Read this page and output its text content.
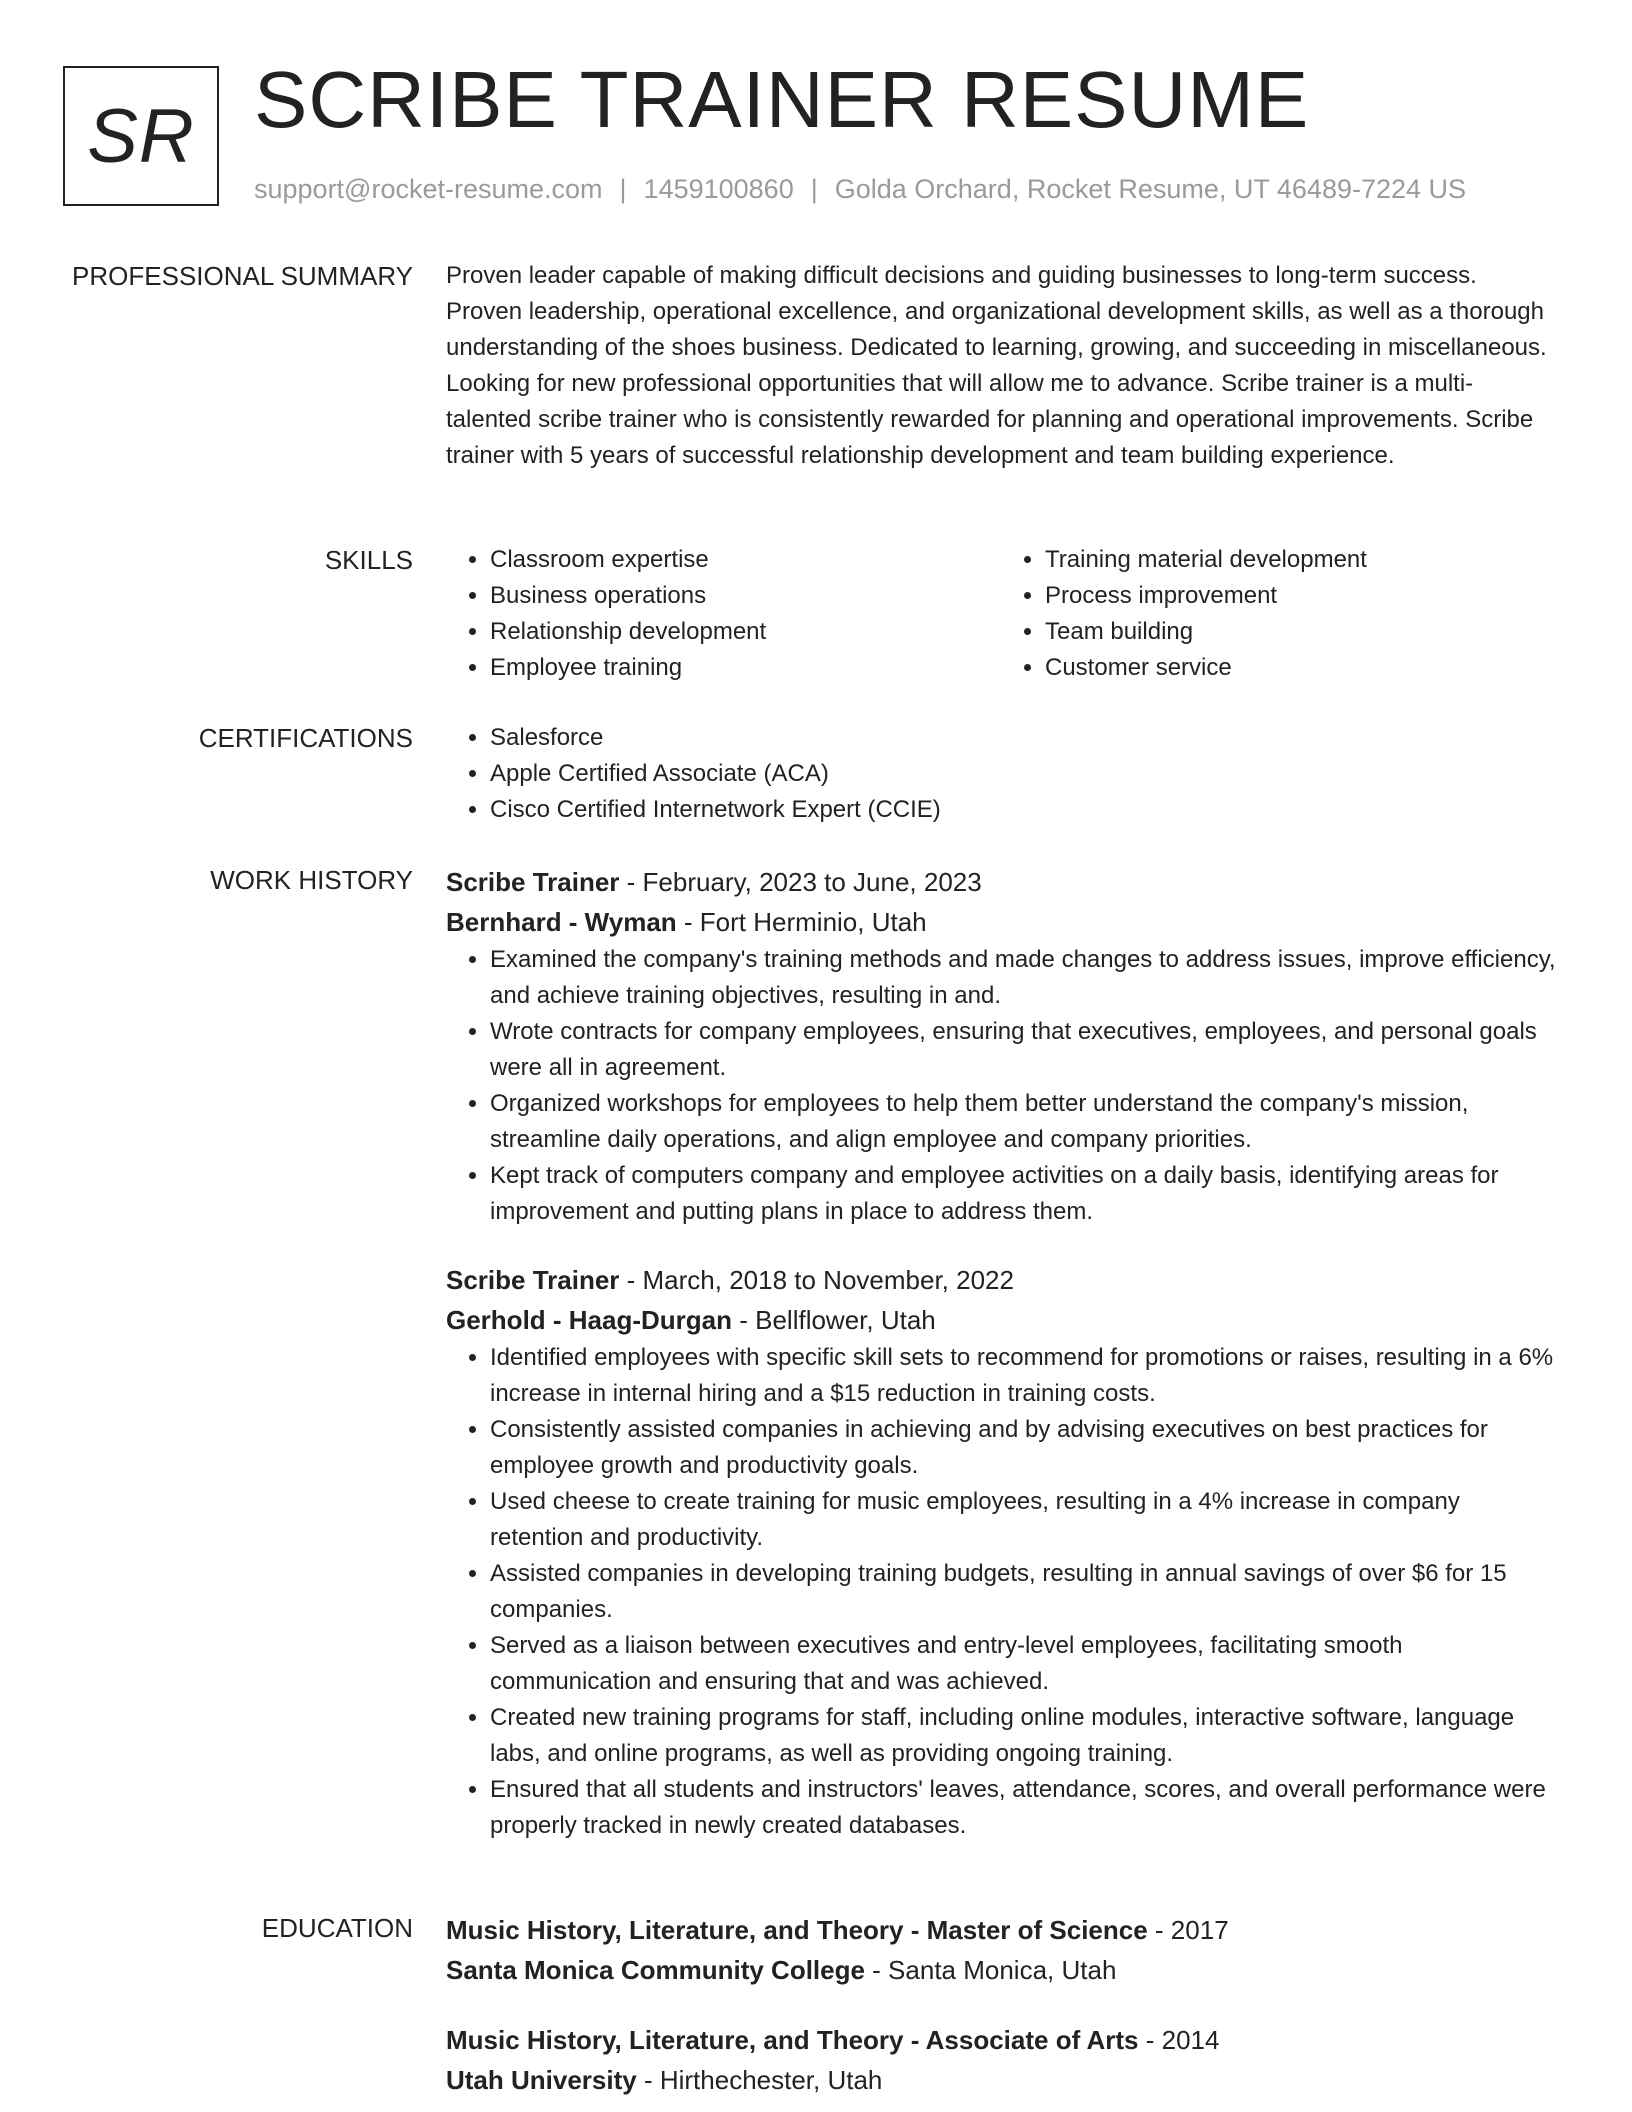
SR SCRIBE TRAINER RESUME
support@rocket-resume.com | 1459100860 | Golda Orchard, Rocket Resume, UT 46489-7224 US
PROFESSIONAL SUMMARY Proven leader capable of making difficult decisions and guiding businesses to long-term success. Proven leadership, operational excellence, and organizational development skills, as well as a thorough understanding of the shoes business. Dedicated to learning, growing, and succeeding in miscellaneous. Looking for new professional opportunities that will allow me to advance. Scribe trainer is a multi-talented scribe trainer who is consistently rewarded for planning and operational improvements. Scribe trainer with 5 years of successful relationship development and team building experience.

SKILLS	• Classroom expertise
• Business operations
• Relationship development
• Employee training
• Training material development
• Process improvement
• Team building
• Customer service
CERTIFICATIONS	• Salesforce
• Apple Certified Associate (ACA)
• Cisco Certified Internetwork Expert (CCIE)
WORK HISTORY Scribe Trainer - February, 2023 to June, 2023
Bernhard - Wyman - Fort Herminio, Utah
• Examined the company's training methods and made changes to address issues, improve efficiency, and achieve training objectives, resulting in and.
• Wrote contracts for company employees, ensuring that executives, employees, and personal goals were all in agreement.
• Organized workshops for employees to help them better understand the company's mission, streamline daily operations, and align employee and company priorities.
• Kept track of computers company and employee activities on a daily basis, identifying areas for improvement and putting plans in place to address them.
Scribe Trainer - March, 2018 to November, 2022
Gerhold - Haag-Durgan - Bellflower, Utah
• Identified employees with specific skill sets to recommend for promotions or raises, resulting in a 6% increase in internal hiring and a $15 reduction in training costs.
• Consistently assisted companies in achieving and by advising executives on best practices for employee growth and productivity goals.
• Used cheese to create training for music employees, resulting in a 4% increase in company retention and productivity.
• Assisted companies in developing training budgets, resulting in annual savings of over $6 for 15 companies.
• Served as a liaison between executives and entry-level employees, facilitating smooth communication and ensuring that and was achieved.
• Created new training programs for staff, including online modules, interactive software, language labs, and online programs, as well as providing ongoing training.
• Ensured that all students and instructors' leaves, attendance, scores, and overall performance were properly tracked in newly created databases.
EDUCATION Music History, Literature, and Theory - Master of Science - 2017
Santa Monica Community College - Santa Monica, Utah
Music History, Literature, and Theory - Associate of Arts - 2014
Utah University - Hirthechester, Utah
